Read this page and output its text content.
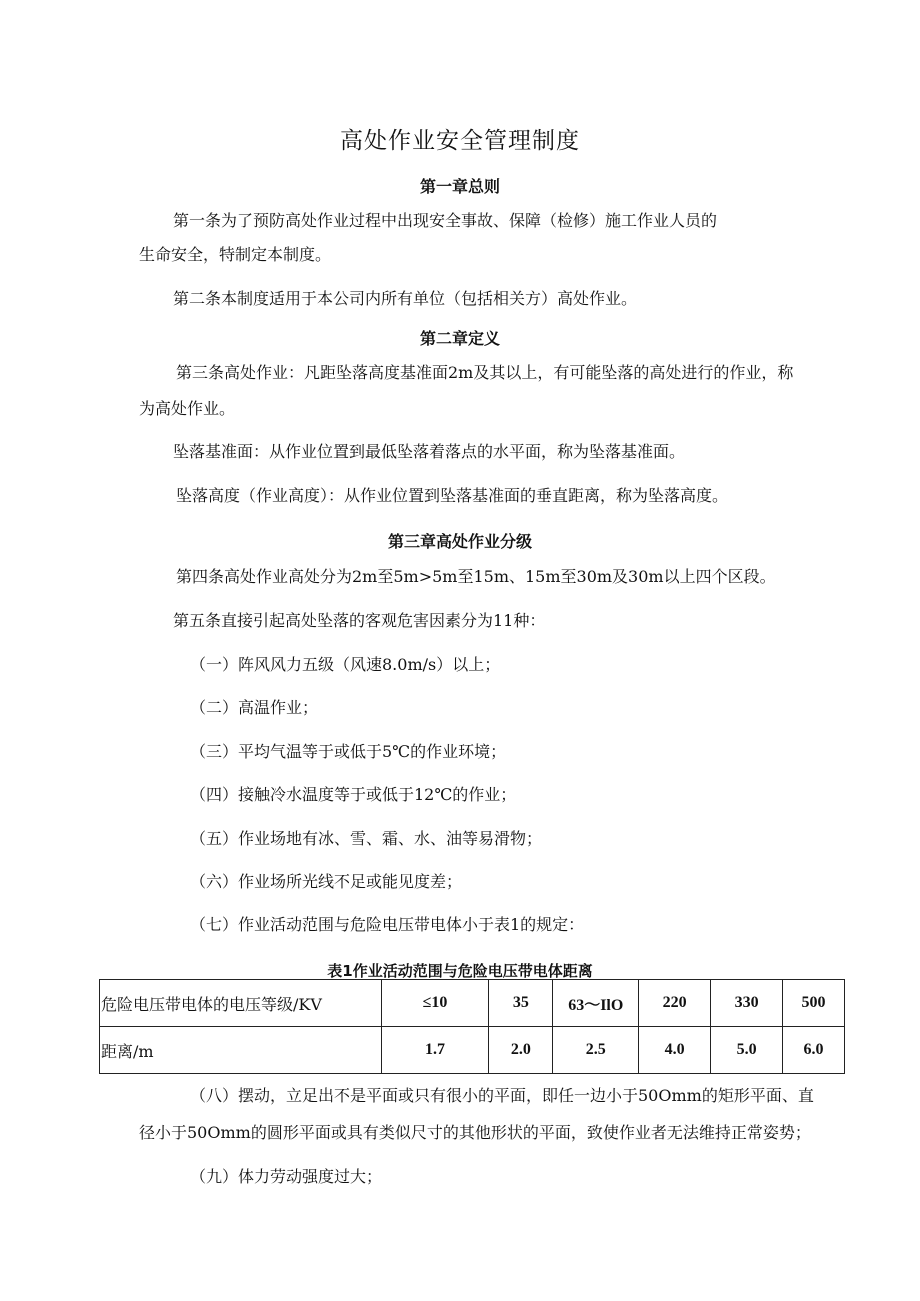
高处作业安全管理制度
第一章总则
第一条为了预防高处作业过程中出现安全事故、保障（检修）施工作业人员的
生命安全，特制定本制度。
第二条本制度适用于本公司内所有单位（包括相关方）高处作业。
第二章定义
第三条高处作业：凡距坠落高度基准面2m及其以上，有可能坠落的高处进行的作业，称
为高处作业。
坠落基准面：从作业位置到最低坠落着落点的水平面，称为坠落基准面。
坠落高度（作业高度）：从作业位置到坠落基准面的垂直距离，称为坠落高度。
第三章高处作业分级
第四条高处作业高处分为2m至5m>5m至15m、15m至30m及30m以上四个区段。
第五条直接引起高处坠落的客观危害因素分为11种：
（一）阵风风力五级（风速8.0m∕s）以上；
（二）高温作业；
（三）平均气温等于或低于5℃的作业环境；
（四）接触冷水温度等于或低于12℃的作业；
（五）作业场地有冰、雪、霜、水、油等易滑物；
（六）作业场所光线不足或能见度差；
（七）作业活动范围与危险电压带电体小于表1的规定：
表1作业活动范围与危险电压带电体距离
危险电压带电体的电压等级/KV	≤10	35	63～IlO	220	330	500
距离/m	1.7	2.0	2.5	4.0	5.0	6.0
（八）摆动，立足出不是平面或只有很小的平面，即任一边小于50Omm的矩形平面、直
径小于50Omm的圆形平面或具有类似尺寸的其他形状的平面，致使作业者无法维持正常姿势；
（九）体力劳动强度过大；
